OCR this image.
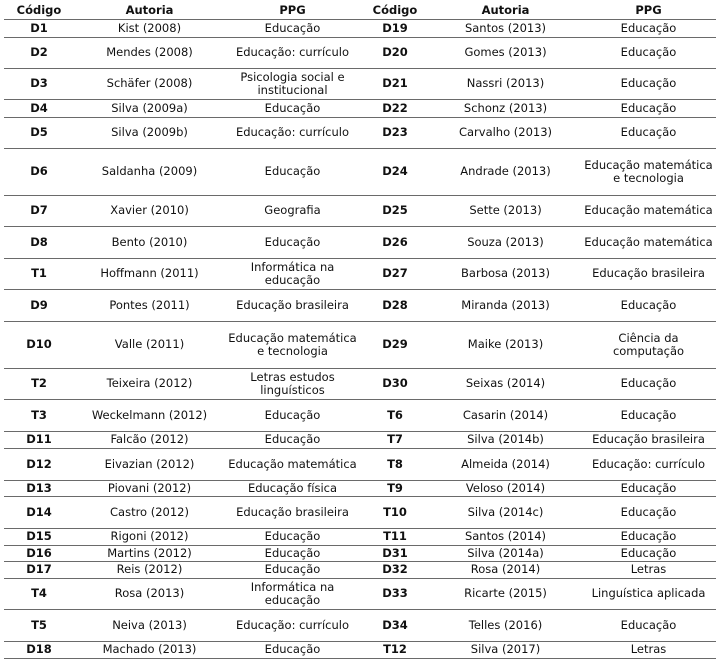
Código	Autoria	PPG	Código	Autoria	PPG
D1	Kist (2008)	Educação	D19	Santos (2013)	Educação
D2	Mendes (2008)	Educação: currículo	D20	Gomes (2013)	Educação
D3	Schäfer (2008)	Psicologia social e institucional	D21	Nassri (2013)	Educação
D4	Silva (2009a)	Educação	D22	Schonz (2013)	Educação
D5	Silva (2009b)	Educação: currículo	D23	Carvalho (2013)	Educação
D6	Saldanha (2009)	Educação	D24	Andrade (2013)	Educação matemática e tecnologia
D7	Xavier (2010)	Geografia	D25	Sette (2013)	Educação matemática
D8	Bento (2010)	Educação	D26	Souza (2013)	Educação matemática
T1	Hoffmann (2011)	Informática na educação	D27	Barbosa (2013)	Educação brasileira
D9	Pontes (2011)	Educação brasileira	D28	Miranda (2013)	Educação
D10	Valle (2011)	Educação matemática e tecnologia	D29	Maike (2013)	Ciência da computação
T2	Teixeira (2012)	Letras estudos linguísticos	D30	Seixas (2014)	Educação
T3	Weckelmann (2012)	Educação	T6	Casarin (2014)	Educação
D11	Falcão (2012)	Educação	T7	Silva (2014b)	Educação brasileira
D12	Eivazian (2012)	Educação matemática	T8	Almeida (2014)	Educação: currículo
D13	Piovani (2012)	Educação física	T9	Veloso (2014)	Educação
D14	Castro (2012)	Educação brasileira	T10	Silva (2014c)	Educação
D15	Rigoni (2012)	Educação	T11	Santos (2014)	Educação
D16	Martins (2012)	Educação	D31	Silva (2014a)	Educação
D17	Reis (2012)	Educação	D32	Rosa (2014)	Letras
T4	Rosa (2013)	Informática na educação	D33	Ricarte (2015)	Linguística aplicada
T5	Neiva (2013)	Educação: currículo	D34	Telles (2016)	Educação
D18	Machado (2013)	Educação	T12	Silva (2017)	Letras
